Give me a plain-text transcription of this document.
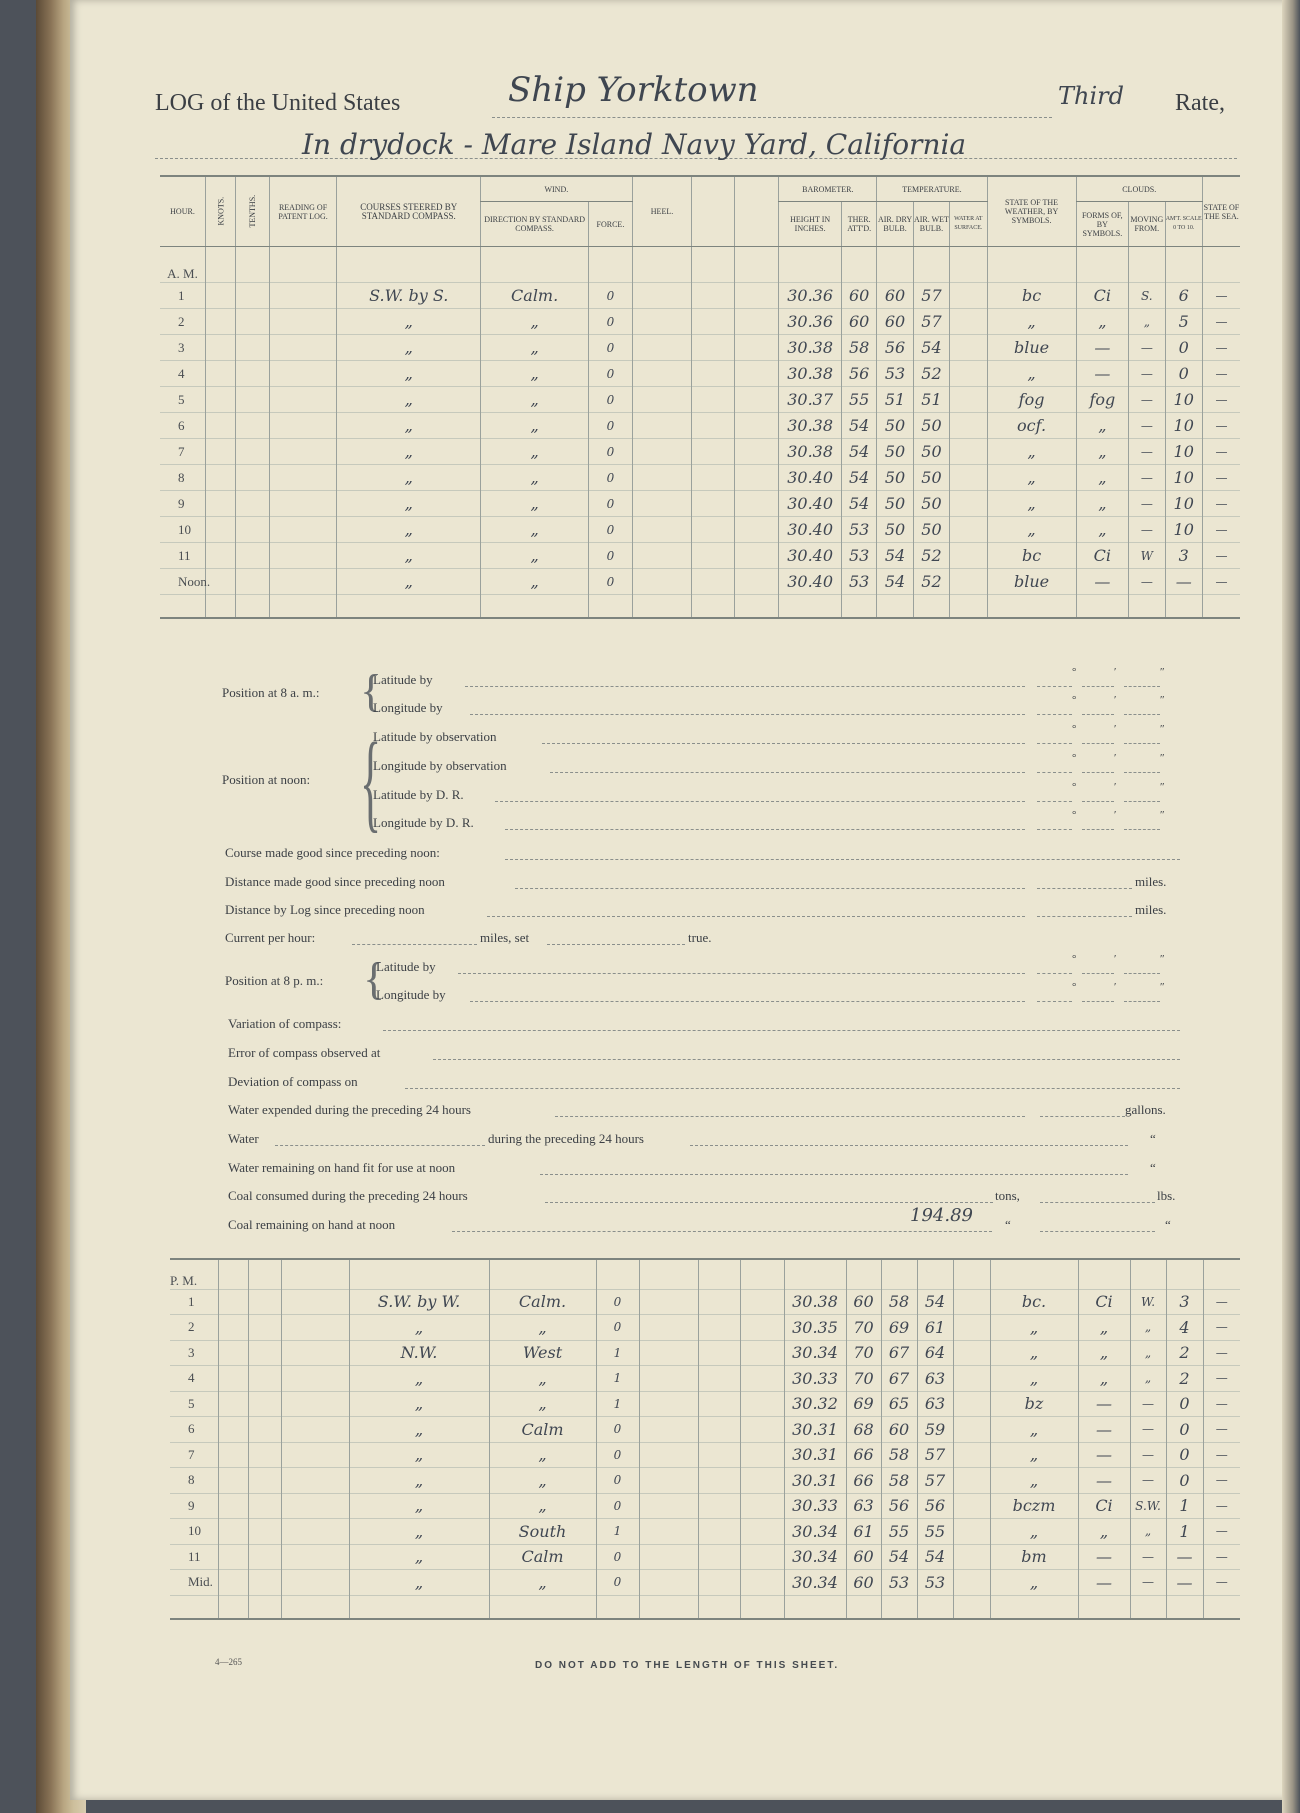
LOG of the United States	Ship Yorktown	Third Rate,
In drydock - Mare Island Navy Yard, California
HOUR.	KNOTS.	TENTHS.	READING OF PATENT LOG.	COURSES STEERED BY STANDARD COMPASS.	WIND.		HEEL.			BAROMETER.		TEMPERATURE.			STATE OF THE WEATHER, BY SYMBOLS.	CLOUDS.			STATE OF THE SEA.
					DIRECTION BY STANDARD COMPASS.	FORCE.				HEIGHT IN INCHES.	THER. ATT'D.	AIR. DRY BULB.	AIR. WET BULB.	WATER AT SURFACE.		FORMS OF, BY SYMBOLS.	MOVING FROM.	AM'T. SCALE 0 TO 10.	
A. M.																			
1				S.W. by S.	Calm.	0				30.36	60	60	57		bc	Ci	S.	6	—
2				„	„	0				30.36	60	60	57		„	„	„	5	—
3				„	„	0				30.38	58	56	54		blue	—	—	0	—
4				„	„	0				30.38	56	53	52		„	—	—	0	—
5				„	„	0				30.37	55	51	51		fog	fog	—	10	—
6				„	„	0				30.38	54	50	50		ocf.	„	—	10	—
7				„	„	0				30.38	54	50	50		„	„	—	10	—
8				„	„	0				30.40	54	50	50		„	„	—	10	—
9				„	„	0				30.40	54	50	50		„	„	—	10	—
10				„	„	0				30.40	53	50	50		„	„	—	10	—
11				„	„	0				30.40	53	54	52		bc	Ci	W	3	—
Noon.				„	„	0				30.40	53	54	52		blue	—	—	—	—

Position at 8 a. m.: {
Latitude by
Longitude by
Position at noon: {
Latitude by observation
Longitude by observation
Latitude by D. R.
Longitude by D. R.
°	′	″
°	′	″
°	′	″
°	′	″
°	′	″
°	′	″
°	′	″
°	′	″
Course made good since preceding noon:
Distance made good since preceding noon	miles.
Distance by Log since preceding noon	miles.
Current per hour:	miles, set	true.
Position at 8 p. m.: {
Latitude by
Longitude by
Variation of compass:
Error of compass observed at
Deviation of compass on
Water expended during the preceding 24 hours	gallons.
Water	during the preceding 24 hours	“
Water remaining on hand fit for use at noon	“
Coal consumed during the preceding 24 hours	tons,	lbs.
Coal remaining on hand at noon	194.89 “	“
P. M.																			
1				S.W. by W.	Calm.	0				30.38	60	58	54		bc.	Ci	W.	3	—
2				„	„	0				30.35	70	69	61		„	„	„	4	—
3				N.W.	West	1				30.34	70	67	64		„	„	„	2	—
4				„	„	1				30.33	70	67	63		„	„	„	2	—
5				„	„	1				30.32	69	65	63		bz	—	—	0	—
6				„	Calm	0				30.31	68	60	59		„	—	—	0	—
7				„	„	0				30.31	66	58	57		„	—	—	0	—
8				„	„	0				30.31	66	58	57		„	—	—	0	—
9				„	„	0				30.33	63	56	56		bczm	Ci	S.W.	1	—
10				„	South	1				30.34	61	55	55		„	„	„	1	—
11				„	Calm	0				30.34	60	54	54		bm	—	—	—	—
Mid.				„	„	0				30.34	60	53	53		„	—	—	—	—

4—265	DO NOT ADD TO THE LENGTH OF THIS SHEET.
